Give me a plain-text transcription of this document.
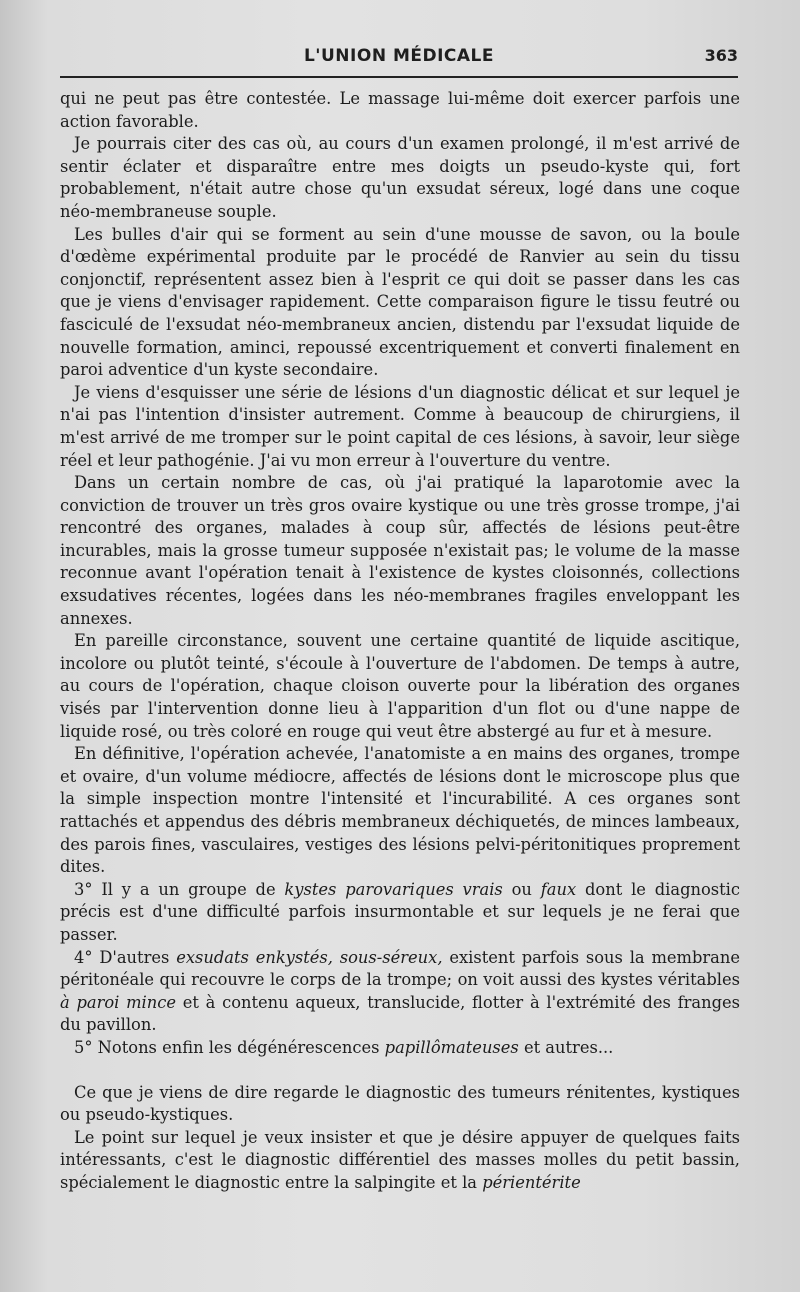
L'UNION MÉDICALE	363

qui ne peut pas être contestée. Le massage lui-même doit exercer parfois une action favorable.

Je pourrais citer des cas où, au cours d'un examen prolongé, il m'est arrivé de sentir éclater et disparaître entre mes doigts un pseudo-kyste qui, fort probablement, n'était autre chose qu'un exsudat séreux, logé dans une coque néo-membraneuse souple.

Les bulles d'air qui se forment au sein d'une mousse de savon, ou la boule d'œdème expérimental produite par le procédé de Ranvier au sein du tissu conjonctif, représentent assez bien à l'esprit ce qui doit se passer dans les cas que je viens d'envisager rapidement. Cette comparaison figure le tissu feutré ou fasciculé de l'exsudat néo-membraneux ancien, distendu par l'exsudat liquide de nouvelle formation, aminci, repoussé excentriquement et converti finalement en paroi adventice d'un kyste secondaire.

Je viens d'esquisser une série de lésions d'un diagnostic délicat et sur lequel je n'ai pas l'intention d'insister autrement. Comme à beaucoup de chirurgiens, il m'est arrivé de me tromper sur le point capital de ces lésions, à savoir, leur siège réel et leur pathogénie. J'ai vu mon erreur à l'ouverture du ventre.

Dans un certain nombre de cas, où j'ai pratiqué la laparotomie avec la conviction de trouver un très gros ovaire kystique ou une très grosse trompe, j'ai rencontré des organes, malades à coup sûr, affectés de lésions peut-être incurables, mais la grosse tumeur supposée n'existait pas; le volume de la masse reconnue avant l'opération tenait à l'existence de kystes cloisonnés, collections exsudatives récentes, logées dans les néo-membranes fragiles enveloppant les annexes.

En pareille circonstance, souvent une certaine quantité de liquide ascitique, incolore ou plutôt teinté, s'écoule à l'ouverture de l'abdomen. De temps à autre, au cours de l'opération, chaque cloison ouverte pour la libération des organes visés par l'intervention donne lieu à l'apparition d'un flot ou d'une nappe de liquide rosé, ou très coloré en rouge qui veut être abstergé au fur et à mesure.

En définitive, l'opération achevée, l'anatomiste a en mains des organes, trompe et ovaire, d'un volume médiocre, affectés de lésions dont le microscope plus que la simple inspection montre l'intensité et l'incurabilité. A ces organes sont rattachés et appendus des débris membraneux déchiquetés, de minces lambeaux, des parois fines, vasculaires, vestiges des lésions pelvi-péritonitiques proprement dites.

3° Il y a un groupe de kystes parovariques vrais ou faux dont le diagnostic précis est d'une difficulté parfois insurmontable et sur lequels je ne ferai que passer.

4° D'autres exsudats enkystés, sous-séreux, existent parfois sous la membrane péritonéale qui recouvre le corps de la trompe; on voit aussi des kystes véritables à paroi mince et à contenu aqueux, translucide, flotter à l'extrémité des franges du pavillon.

5° Notons enfin les dégénérescences papillômateuses et autres...

Ce que je viens de dire regarde le diagnostic des tumeurs rénitentes, kystiques ou pseudo-kystiques.

Le point sur lequel je veux insister et que je désire appuyer de quelques faits intéressants, c'est le diagnostic différentiel des masses molles du petit bassin, spécialement le diagnostic entre la salpingite et la périentérite
